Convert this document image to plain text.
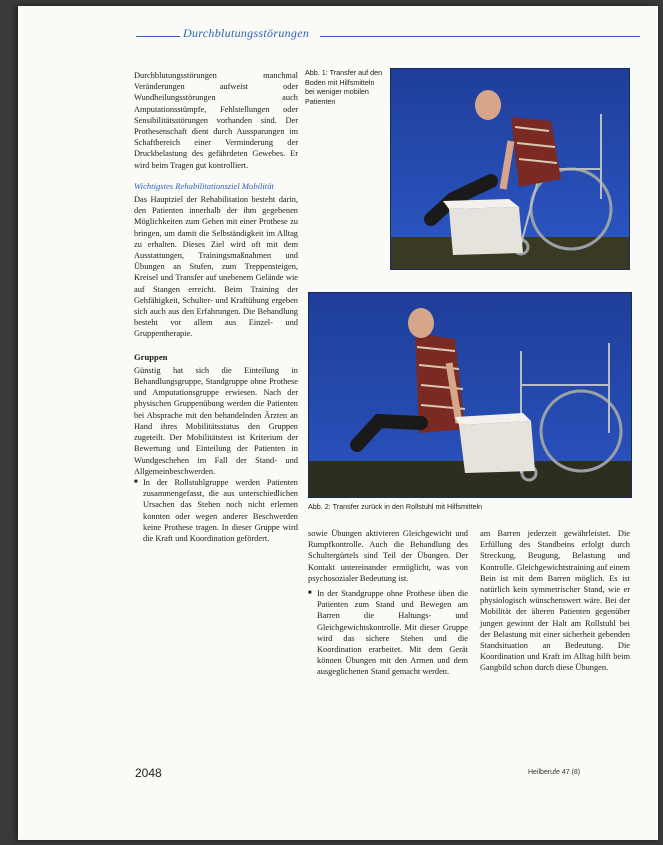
Durchblutungsstörungen

Durchblutungsstörungen manchmal Veränderungen aufweist oder Wundheilungsstörungen auch Amputationsstümpfe, Fehlstellungen oder Sensibilitätsstörungen vorhanden sind. Der Prothesenschaft dient durch Aussparungen im Schaftbereich einer Verminderung der Druckbelastung des gefährdeten Gewebes. Er wird beim Tragen gut kontrolliert.

Wichtigstes Rehabilitationsziel Mobilität

Das Hauptziel der Rehabilitation besteht darin, den Patienten innerhalb der ihm gegebenen Möglichkeiten zum Gehen mit einer Prothese zu bringen, um damit die Selbständigkeit im Alltag zu erhalten. Dieses Ziel wird oft mit dem Ausstattungen, Trainingsmaßnahmen und Übungen an Stufen, zum Treppensteigen, Kreisel und Transfer auf unebenem Gelände wie auf Stangen erreicht. Beim Training der Gehfähigkeit, Schulter- und Kraftübung ergeben sich auch aus den Erfahrungen. Die Behandlung besteht vor allem aus Einzel- und Gruppentherapie.

Gruppen

Günstig hat sich die Einteilung in Behandlungsgruppe, Standgruppe ohne Prothese und Amputationsgruppe erwiesen. Nach der physischen Gruppenübung werden die Patienten bei Absprache mit den behandelnden Ärzten an Hand ihres Mobilitätsstatus den Gruppen zugeteilt. Der Mobilitätstest ist Kriterium der Bewertung und Einteilung der Patienten in Wundgeschehen im Fall der Stand- und Allgemeinbeschwerden.

■ In der Rollstuhlgruppe werden Patienten zusammengefasst, die aus unterschiedlichen Ursachen das Stehen noch nicht erlernen konnten oder wegen anderer Beschwerden keine Prothese tragen. In dieser Gruppe wird die Kraft und Koordination gefördert.

Abb. 1: Transfer auf den Boden mit Hilfsmitteln bei weniger mobilen Patienten
Abb. 2: Transfer zurück in den Rollstuhl mit Hilfsmitteln

sowie Übungen aktivieren Gleichgewicht und Rumpfkontrolle. Auch die Behandlung des Schultergürtels sind Teil der Übungen. Der Kontakt untereinander ermöglicht, was von psychosozialer Bedeutung ist.

■ In der Standgruppe ohne Prothese üben die Patienten zum Stand und Bewegen am Barren die Haltungs- und Gleichgewichtskontrolle. Mit dieser Gruppe wird das sichere Stehen und die Koordination erarbeitet. Mit dem Gerät können Übungen mit den Armen und dem ausgeglichenen Stand gemacht werden.

am Barren jederzeit gewährleistet. Die Erfüllung des Standbeins erfolgt durch Streckung, Beugung, Belastung und Kontrolle. Gleichgewichtstraining auf einem Bein ist mit dem Barren möglich. Es ist natürlich kein symmetrischer Stand, wie er physiologisch wünschenswert wäre. Bei der Mobilität der älteren Patienten gegenüber jungen gewinnt der Halt am Rollstuhl bei der Belastung mit einer sicherheit gebenden Standsituation an Bedeutung. Die Koordination und Kraft im Alltag hilft beim Gangbild schon durch diese Übungen.

2048	Heilberufe 47 (8)
